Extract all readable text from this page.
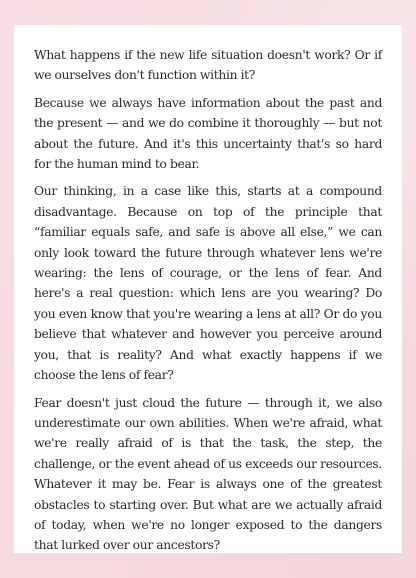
What happens if the new life situation doesn't work? Or if we ourselves don't function within it?

Because we always have information about the past and the present — and we do combine it thoroughly — but not about the future. And it's this uncertainty that's so hard for the human mind to bear.

Our thinking, in a case like this, starts at a compound disadvantage. Because on top of the principle that “familiar equals safe, and safe is above all else,” we can only look toward the future through whatever lens we're wearing: the lens of courage, or the lens of fear. And here's a real question: which lens are you wearing? Do you even know that you're wearing a lens at all? Or do you believe that whatever and however you perceive around you, that is reality? And what exactly happens if we choose the lens of fear?

Fear doesn't just cloud the future — through it, we also underestimate our own abilities. When we're afraid, what we're really afraid of is that the task, the step, the challenge, or the event ahead of us exceeds our resources. Whatever it may be. Fear is always one of the greatest obstacles to starting over. But what are we actually afraid of today, when we're no longer exposed to the dangers that lurked over our ancestors?
